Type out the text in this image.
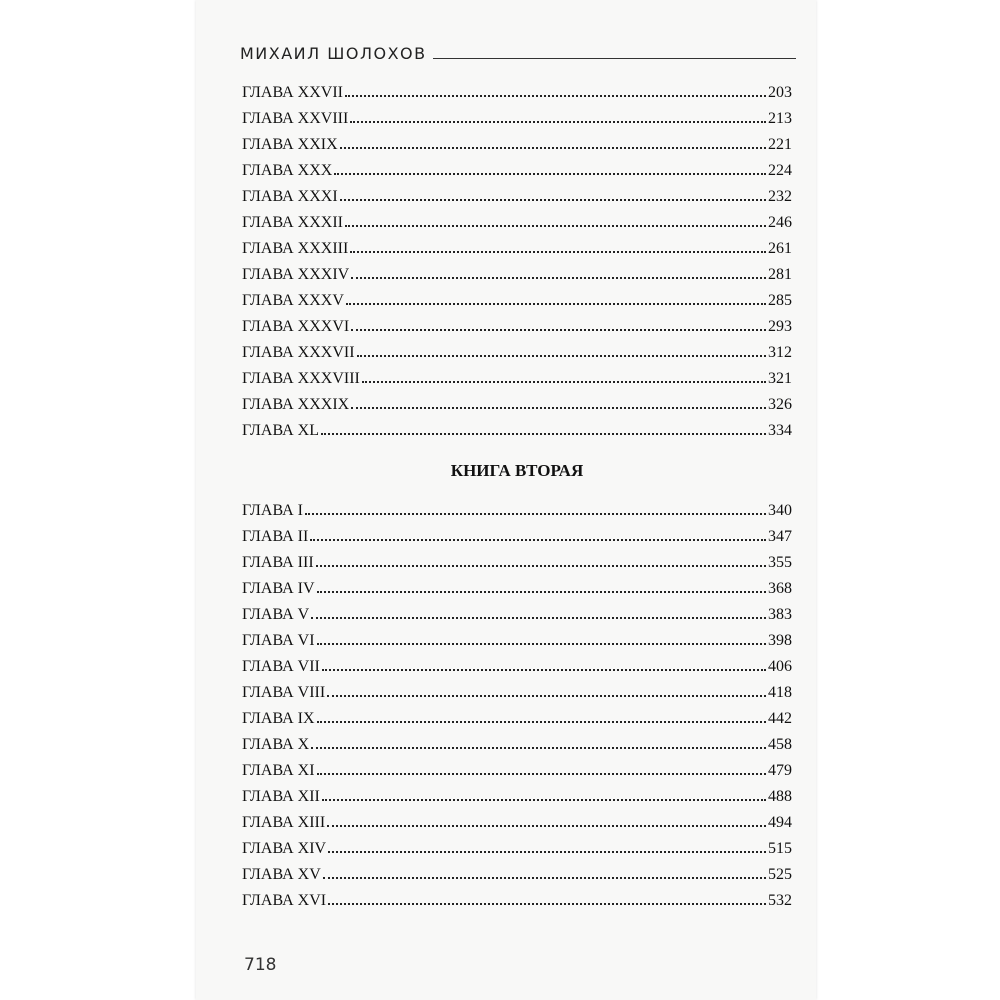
МИХАИЛ ШОЛОХОВ
ГЛАВА XXVII	203
ГЛАВА XXVIII	213
ГЛАВА XXIX	221
ГЛАВА XXX	224
ГЛАВА XXXI	232
ГЛАВА XXXII	246
ГЛАВА XXXIII	261
ГЛАВА XXXIV	281
ГЛАВА XXXV	285
ГЛАВА XXXVI	293
ГЛАВА XXXVII	312
ГЛАВА XXXVIII	321
ГЛАВА XXXIX	326
ГЛАВА XL	334
КНИГА ВТОРАЯ
ГЛАВА I	340
ГЛАВА II	347
ГЛАВА III	355
ГЛАВА IV	368
ГЛАВА V	383
ГЛАВА VI	398
ГЛАВА VII	406
ГЛАВА VIII	418
ГЛАВА IX	442
ГЛАВА X	458
ГЛАВА XI	479
ГЛАВА XII	488
ГЛАВА XIII	494
ГЛАВА XIV	515
ГЛАВА XV	525
ГЛАВА XVI	532
718
